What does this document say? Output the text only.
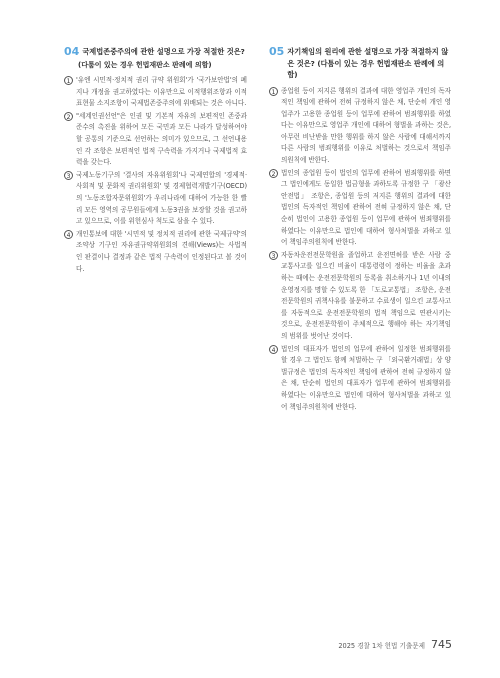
04 국제법존중주의에 관한 설명으로 가장 적절한 것은?
(다툼이 있는 경우 헌법재판소 판례에 의함)
1 '유엔 시민적·정치적 권리 규약 위원회'가 '국가보안법'의 폐지나 개정을 권고하였다는 이유만으로 이적행위조항과 이적표현물 소지조항이 국제법존중주의에 위배되는 것은 아니다.
2 "세계인권선언"은 인권 및 기본적 자유의 보편적인 존중과 준수의 촉진을 위하여 모든 국민과 모든 나라가 달성하여야 할 공통의 기준으로 선언하는 의미가 있으므로, 그 선언내용인 각 조항은 보편적인 법적 구속력을 가지거나 국제법적 효력을 갖는다.
3 국제노동기구의 '결사의 자유위원회'나 국제연합의 '경제적·사회적 및 문화적 권리위원회' 및 경제협력개발기구(OECD)의 '노동조합자문위원회'가 우리나라에 대하여 가능한 한 빨리 모든 영역의 공무원들에게 노동3권을 보장할 것을 권고하고 있으므로, 이를 위헌심사 척도로 삼을 수 있다.
4 개인통보에 대한 '시민적 및 정치적 권리에 관한 국제규약'의 조약상 기구인 자유권규약위원회의 견해(Views)는 사법적인 판결이나 결정과 같은 법적 구속력이 인정된다고 볼 것이다.
05 자기책임의 원리에 관한 설명으로 가장 적절하지 않은 것은? (다툼이 있는 경우 헌법재판소 판례에 의함)
1 종업원 등이 저지른 행위의 결과에 대한 영업주 개인의 독자적인 책임에 관하여 전혀 규정하지 않은 채, 단순히 개인 영업주가 고용한 종업원 등이 업무에 관하여 범죄행위를 하였다는 이유만으로 영업주 개인에 대하여 형벌을 과하는 것은, 아무런 비난받을 만한 행위를 하지 않은 사람에 대해서까지 다른 사람의 범죄행위를 이유로 처벌하는 것으로서 책임주의원칙에 반한다.
2 법인의 종업원 등이 법인의 업무에 관하여 범죄행위를 하면 그 법인에게도 동일한 법금형을 과하도록 규정한 구 「광산안전법」 조항은, 종업원 등의 저지른 행위의 결과에 대한 법인의 독자적인 책임에 관하여 전혀 규정하지 않은 채, 단순히 법인이 고용한 종업원 등이 업무에 관하여 범죄행위를 하였다는 이유만으로 법인에 대하여 형사처벌을 과하고 있어 책임주의원칙에 반한다.
3 자동차운전전문학원을 졸업하고 운전면허를 받은 사람 중 교통사고를 일으킨 비율이 대통령령이 정하는 비율을 초과하는 때에는 운전전문학원의 등록을 취소하거나 1년 이내의 운영정지를 명할 수 있도록 한 「도로교통법」 조항은, 운전전문학원의 귀책사유를 불문하고 수료생이 일으킨 교통사고를 자동적으로 운전전문학원의 법적 책임으로 연관시키는 것으로, 운전전문학원이 주체적으로 행해야 하는 자기책임의 범위를 벗어난 것이다.
4 법인의 대표자가 법인의 업무에 관하여 일정한 범죄행위를 할 경우 그 법인도 함께 처벌하는 구 「외국환거래법」상 양벌규정은 법인의 독자적인 책임에 관하여 전혀 규정하지 않은 채, 단순히 법인의 대표자가 업무에 관하여 범죄행위를 하였다는 이유만으로 법인에 대하여 형사처벌을 과하고 있어 책임주의원칙에 반한다.
2025 경찰 1차 헌법 기출문제 745
